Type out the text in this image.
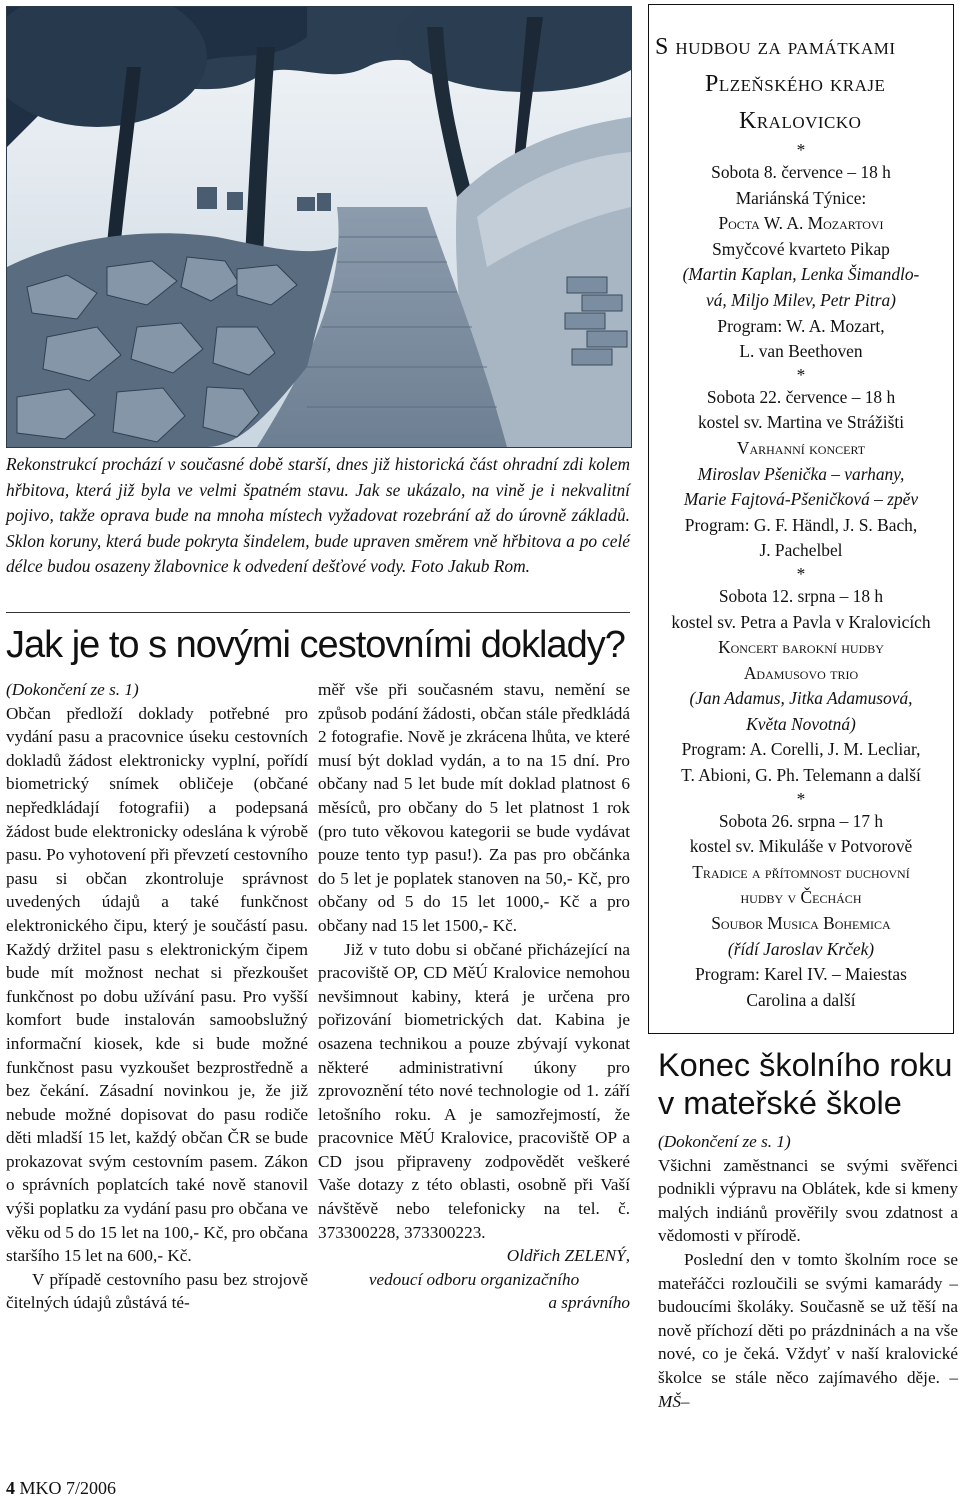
Rekonstrukcí prochází v současné době starší, dnes již historická část ohradní zdi kolem hřbitova, která již byla ve velmi špatném stavu. Jak se ukázalo, na vině je i nekvalitní pojivo, takže oprava bude na mnoha místech vyžadovat rozebrání až do úrovně základů. Sklon koruny, která bude pokryta šindelem, bude upraven směrem vně hřbitova a po celé délce budou osazeny žlabovnice k odvedení dešťové vody. Foto Jakub Rom.

Jak je to s novými cestovními doklady?

(Dokončení ze s. 1)

Občan předloží doklady potřebné pro vydání pasu a pracovnice úseku cestovních dokladů žádost elektronicky vyplní, pořídí biometrický snímek obličeje (občané nepředkládají fotografii) a podepsaná žádost bude elektronicky odeslána k výrobě pasu. Po vyhotovení při převzetí cestovního pasu si občan zkontroluje správnost uvedených údajů a také funkčnost elektronického čipu, který je součástí pasu. Každý držitel pasu s elektronickým čipem bude mít možnost nechat si přezkoušet funkčnost po dobu užívání pasu. Pro vyšší komfort bude instalován samoobslužný informační kiosek, kde si bude možné funkčnost pasu vyzkoušet bezprostředně a bez čekání. Zásadní novinkou je, že již nebude možné dopisovat do pasu rodiče děti mladší 15 let, každý občan ČR se bude prokazovat svým cestovním pasem. Zákon o správních poplatcích také nově stanovil výši poplatku za vydání pasu pro občana ve věku od 5 do 15 let na 100,- Kč, pro občana staršího 15 let na 600,- Kč.

V případě cestovního pasu bez strojově čitelných údajů zůstává té-

měř vše při současném stavu, nemění se způsob podání žádosti, občan stále předkládá 2 fotografie. Nově je zkrácena lhůta, ve které musí být doklad vydán, a to na 15 dní. Pro občany nad 5 let bude mít doklad platnost 6 měsíců, pro občany do 5 let platnost 1 rok (pro tuto věkovou kategorii se bude vydávat pouze tento typ pasu!). Za pas pro občánka do 5 let je poplatek stanoven na 50,- Kč, pro občany od 5 do 15 let 1000,- Kč a pro občany nad 15 let 1500,- Kč.

Již v tuto dobu si občané přicházející na pracoviště OP, CD MěÚ Kralovice nemohou nevšimnout kabiny, která je určena pro pořizování biometrických dat. Kabina je osazena technikou a pouze zbývají vykonat některé administrativní úkony pro zprovoznění této nové technologie od 1. září letošního roku. A je samozřejmostí, že pracovnice MěÚ Kralovice, pracoviště OP a CD jsou připraveny zodpovědět veškeré Vaše dotazy z této oblasti, osobně při Vaší návštěvě nebo telefonicky na tel. č. 373300228, 373300223.

Oldřich ZELENÝ,

vedoucí odboru organizačního

a správního

S hudbou za památkami
Plzeňského kraje
Kralovicko
*
Sobota 8. července – 18 h
Mariánská Týnice:
Pocta W. A. Mozartovi
Smyčcové kvarteto Pikap
(Martin Kaplan, Lenka Šimandlo-
vá, Miljo Milev, Petr Pitra)
Program: W. A. Mozart,
L. van Beethoven
*
Sobota 22. července – 18 h
kostel sv. Martina ve Strážišti
Varhanní koncert
Miroslav Pšenička – varhany,
Marie Fajtová-Pšeničková – zpěv
Program: G. F. Händl, J. S. Bach,
J. Pachelbel
*
Sobota 12. srpna – 18 h
kostel sv. Petra a Pavla v Kralovicích
Koncert barokní hudby
Adamusovo trio
(Jan Adamus, Jitka Adamusová,
Květa Novotná)
Program: A. Corelli, J. M. Lecliar,
T. Abioni, G. Ph. Telemann a další
*
Sobota 26. srpna – 17 h
kostel sv. Mikuláše v Potvorově
Tradice a přítomnost duchovní
hudby v Čechách
Soubor Musica Bohemica
(řídí Jaroslav Krček)
Program: Karel IV. – Maiestas
Carolina a další
Konec školního roku v mateřské škole

(Dokončení ze s. 1)

Všichni zaměstnanci se svými svěřenci podnikli výpravu na Oblátek, kde si kmeny malých indiánů prověřily svou zdatnost a vědomosti v přírodě.

Poslední den v tomto školním roce se mateřáčci rozloučili se svými kamarády – budoucími školáky. Současně se už těší na nově příchozí děti po prázdninách a na vše nové, co je čeká. Vždyť v naší kralovické školce se stále něco zajímavého děje. –MŠ–

4 MKO 7/2006
